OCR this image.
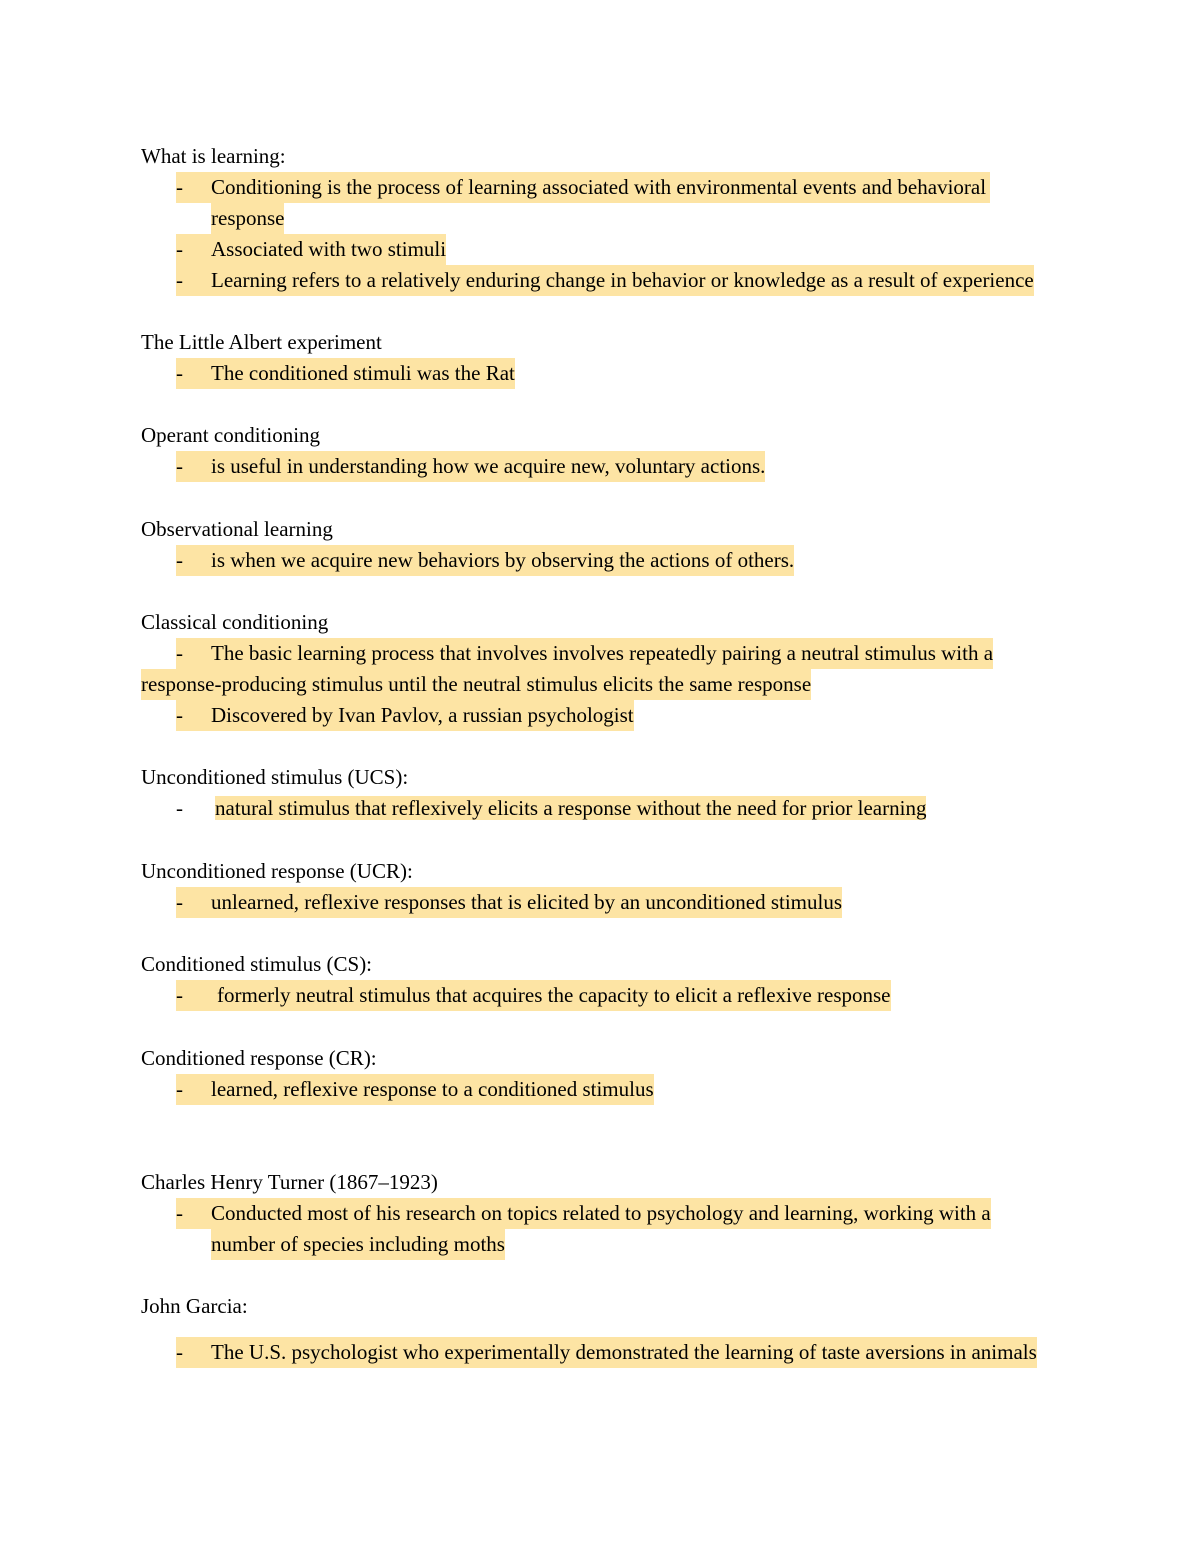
What is learning:
- Conditioning is the process of learning associated with environmental events and behavioral
response
- Associated with two stimuli
- Learning refers to a relatively enduring change in behavior or knowledge as a result of experience
The Little Albert experiment
- The conditioned stimuli was the Rat
Operant conditioning
- is useful in understanding how we acquire new, voluntary actions.
Observational learning
- is when we acquire new behaviors by observing the actions of others.
Classical conditioning
- The basic learning process that involves involves repeatedly pairing a neutral stimulus with a
response-producing stimulus until the neutral stimulus elicits the same response
- Discovered by Ivan Pavlov, a russian psychologist
Unconditioned stimulus (UCS):
- natural stimulus that reflexively elicits a response without the need for prior learning
Unconditioned response (UCR):
- unlearned, reflexive responses that is elicited by an unconditioned stimulus
Conditioned stimulus (CS):
- formerly neutral stimulus that acquires the capacity to elicit a reflexive response
Conditioned response (CR):
- learned, reflexive response to a conditioned stimulus
Charles Henry Turner (1867–1923)
- Conducted most of his research on topics related to psychology and learning, working with a
number of species including moths
John Garcia:
- The U.S. psychologist who experimentally demonstrated the learning of taste aversions in animals
